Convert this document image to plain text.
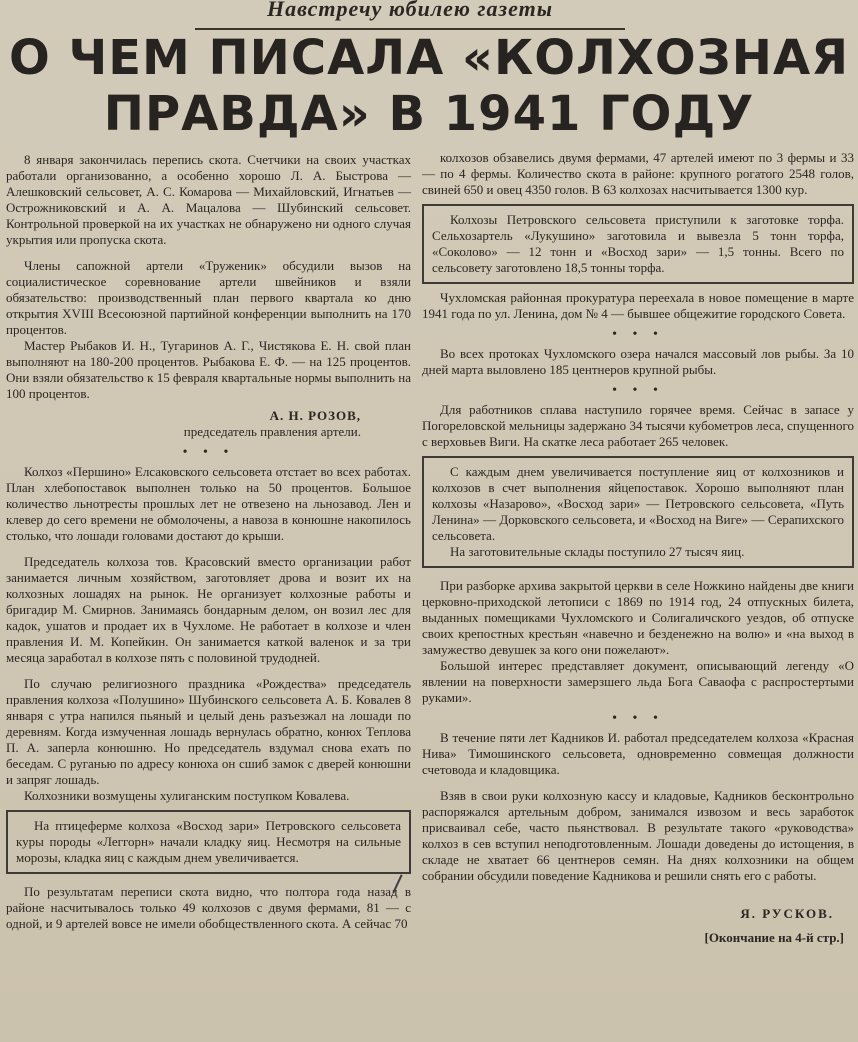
Навстречу юбилею газеты
О ЧЕМ ПИСАЛА «КОЛХОЗНАЯ
ПРАВДА» В 1941 ГОДУ

8 января закончилась перепись скота. Счетчики на своих участках работали организованно, а особенно хорошо Л. А. Быстрова — Алешковский сельсовет, А. С. Комарова — Михайловский, Игнатьев — Острожниковский и А. А. Мацалова — Шубинский сельсовет. Контрольной проверкой на их участках не обнаружено ни одного случая укрытия или пропуска скота.

Члены сапожной артели «Труженик» обсудили вызов на социалистическое соревнование артели швейников и взяли обязательство: производственный план первого квартала ко дню открытия XVIII Всесоюзной партийной конференции выполнить на 170 процентов.

Мастер Рыбаков И. Н., Тугаринов А. Г., Чистякова Е. Н. свой план выполняют на 180-200 процентов. Рыбакова Е. Ф. — на 125 процентов. Они взяли обязательство к 15 февраля квартальные нормы выполнить на 100 процентов.

А. Н. РОЗОВ,
председатель правления артели.
• • •

Колхоз «Першино» Елсаковского сельсовета отстает во всех работах. План хлебопоставок выполнен только на 50 процентов. Большое количество льнотресты прошлых лет не отвезено на льнозавод. Лен и клевер до сего времени не обмолочены, а навоза в конюшне накопилось столько, что лошади головами достают до крыши.

Председатель колхоза тов. Красовский вместо организации работ занимается личным хозяйством, заготовляет дрова и возит их на колхозных лошадях на рынок. Не организует колхозные работы и бригадир М. Смирнов. Занимаясь бондарным делом, он возил лес для кадок, ушатов и продает их в Чухломе. Не работает в колхозе и член правления И. М. Копейкин. Он занимается каткой валенок и за три месяца заработал в колхозе пять с половиной трудодней.

По случаю религиозного праздника «Рождества» председатель правления колхоза «Полушино» Шубинского сельсовета А. Б. Ковалев 8 января с утра напился пьяный и целый день разъезжал на лошади по деревням. Когда измученная лошадь вернулась обратно, конюх Теплова П. А. заперла конюшню. Но председатель вздумал снова ехать по беседам. С руганью по адресу конюха он сшиб замок с дверей конюшни и запряг лошадь.

Колхозники возмущены хулиганским поступком Ковалева.

На птицеферме колхоза «Восход зари» Петровского сельсовета куры породы «Леггорн» начали кладку яиц. Несмотря на сильные морозы, кладка яиц с каждым днем увеличивается.

По результатам переписи скота видно, что полтора года назад в районе насчитывалось только 49 колхозов с двумя фермами, 81 — с одной, и 9 артелей вовсе не имели обобществленного скота. А сейчас 70

колхозов обзавелись двумя фермами, 47 артелей имеют по 3 фермы и 33 — по 4 фермы. Количество скота в районе: крупного рогатого 2548 голов, свиней 650 и овец 4350 голов. В 63 колхозах насчитывается 1300 кур.

Колхозы Петровского сельсовета приступили к заготовке торфа. Сельхозартель «Лукушино» заготовила и вывезла 5 тонн торфа, «Соколово» — 12 тонн и «Восход зари» — 1,5 тонны. Всего по сельсовету заготовлено 18,5 тонны торфа.

Чухломская районная прокуратура переехала в новое помещение в марте 1941 года по ул. Ленина, дом № 4 — бывшее общежитие городского Совета.

• • •

Во всех протоках Чухломского озера начался массовый лов рыбы. За 10 дней марта выловлено 185 центнеров крупной рыбы.

• • •

Для работников сплава наступило горячее время. Сейчас в запасе у Погореловской мельницы задержано 34 тысячи кубометров леса, спущенного с верховьев Виги. На скатке леса работает 265 человек.

С каждым днем увеличивается поступление яиц от колхозников и колхозов в счет выполнения яйцепоставок. Хорошо выполняют план колхозы «Назарово», «Восход зари» — Петровского сельсовета, «Путь Ленина» — Дорковского сельсовета, и «Восход на Виге» — Серапихского сельсовета.

На заготовительные склады поступило 27 тысяч яиц.

При разборке архива закрытой церкви в селе Ножкино найдены две книги церковно-приходской летописи с 1869 по 1914 год, 24 отпускных билета, выданных помещиками Чухломского и Солигаличского уездов, об отпуске своих крепостных крестьян «навечно и безденежно на волю» и «на выход в замужество девушек за кого они пожелают».

Большой интерес представляет документ, описывающий легенду «О явлении на поверхности замерзшего льда Бога Саваофа с распростертыми руками».

• • •

В течение пяти лет Кадников И. работал председателем колхоза «Красная Нива» Тимошинского сельсовета, одновременно совмещая должности счетовода и кладовщика.

Взяв в свои руки колхозную кассу и кладовые, Кадников бесконтрольно распоряжался артельным добром, занимался извозом и весь заработок присваивал себе, часто пьянствовал. В результате такого «руководства» колхоз в сев вступил неподготовленным. Лошади доведены до истощения, в складе не хватает 66 центнеров семян. На днях колхозники на общем собрании обсудили поведение Кадникова и решили снять его с работы.

Я. РУСКОВ.
[Окончание на 4-й стр.]
